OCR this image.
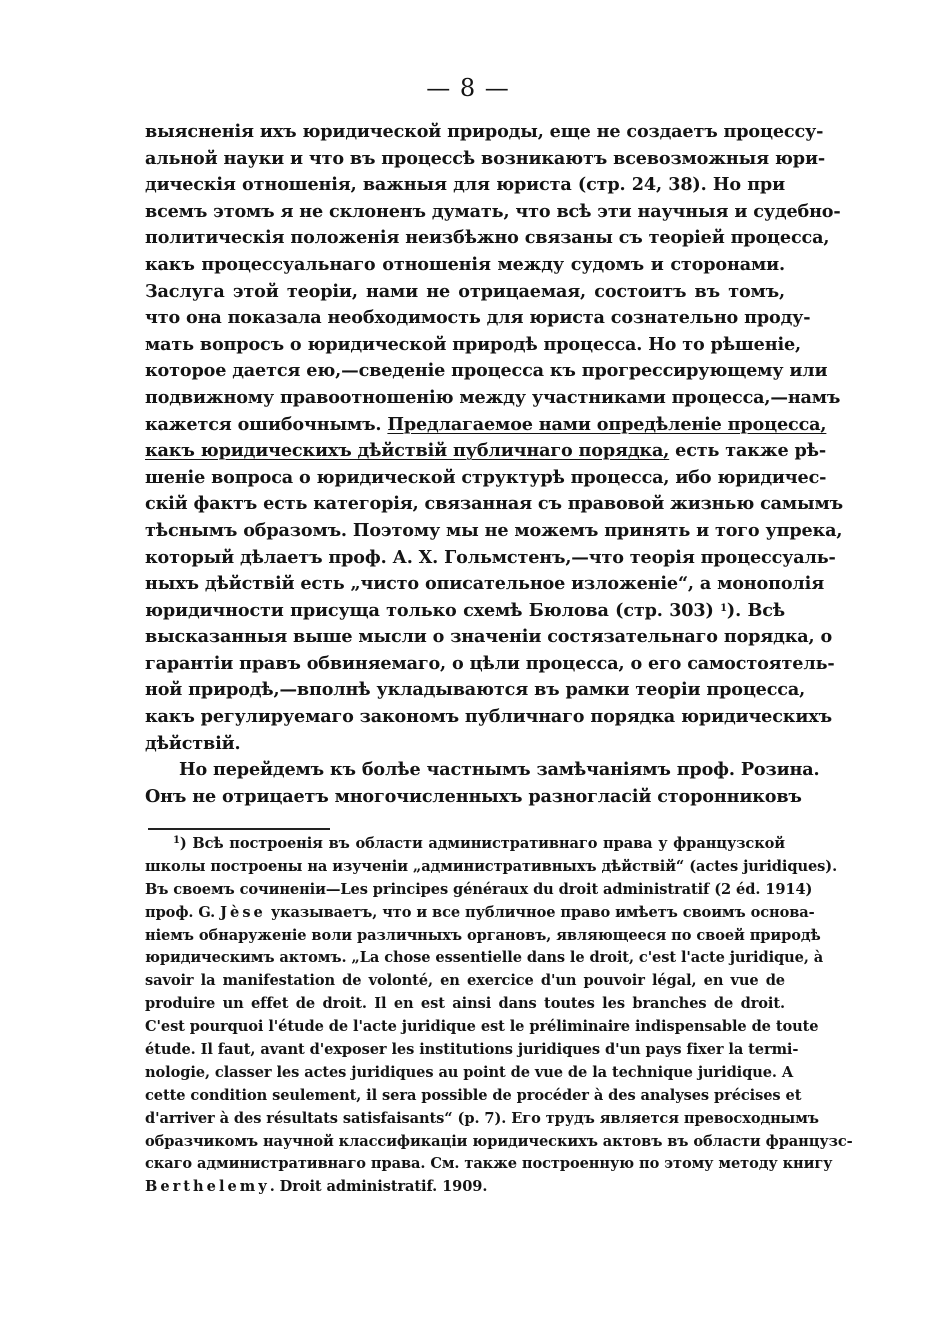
— 8 —
выясненія ихъ юридической природы, еще не создаетъ процессу-
альной науки и что въ процессѣ возникаютъ всевозможныя юри-
дическія отношенія, важныя для юриста (стр. 24, 38). Но при
всемъ этомъ я не склоненъ думать, что всѣ эти научныя и судебно-
политическія положенія неизбѣжно связаны съ теоріей процесса,
какъ процессуальнаго отношенія между судомъ и сторонами.
Заслуга этой теоріи, нами не отрицаемая, состоитъ въ томъ,
что она показала необходимость для юриста сознательно проду-
мать вопросъ о юридической природѣ процесса. Но то рѣшеніе,
которое дается ею,—сведеніе процесса къ прогрессирующему или
подвижному правоотношенію между участниками процесса,—намъ
кажется ошибочнымъ. Предлагаемое нами опредѣленіе процесса,
какъ юридическихъ дѣйствій публичнаго порядка, есть также рѣ-
шеніе вопроса о юридической структурѣ процесса, ибо юридичес-
скій фактъ есть категорія, связанная съ правовой жизнью самымъ
тѣснымъ образомъ. Поэтому мы не можемъ принять и того упрека,
который дѣлаетъ проф. А. Х. Гольмстенъ,—что теорія процессуаль-
ныхъ дѣйствій есть „чисто описательное изложеніе“, а монополія
юридичности присуща только схемѣ Бюлова (стр. 303) $^1$). Всѣ
высказанныя выше мысли о значеніи состязательнаго порядка, о
гарантіи правъ обвиняемаго, о цѣли процесса, о его самостоятель-
ной природѣ,—вполнѣ укладываются въ рамки теоріи процесса,
какъ регулируемаго закономъ публичнаго порядка юридическихъ
дѣйствій.
Но перейдемъ къ болѣе частнымъ замѣчаніямъ проф. Розина.
Онъ не отрицаетъ многочисленныхъ разногласій сторонниковъ
$^1$) Всѣ построенія въ области административнаго права у французской
школы построены на изученіи „административныхъ дѣйствій“ (actes juridiques).
Въ своемъ сочиненіи—Les principes généraux du droit administratif (2 éd. 1914)
проф. G. Jèse указываетъ, что и все публичное право имѣетъ своимъ основа-
ніемъ обнаруженіе воли различныхъ органовъ, являющееся по своей природѣ
юридическимъ актомъ. „La chose essentielle dans le droit, c'est l'acte juridique, à
savoir la manifestation de volonté, en exercice d'un pouvoir légal, en vue de
produire un effet de droit. Il en est ainsi dans toutes les branches de droit.
C'est pourquoi l'étude de l'acte juridique est le préliminaire indispensable de toute
étude. Il faut, avant d'exposer les institutions juridiques d'un pays fixer la termi-
nologie, classer les actes juridiques au point de vue de la technique juridique. A
cette condition seulement, il sera possible de procéder à des analyses précises et
d'arriver à des résultats satisfaisants“ (p. 7). Его трудъ является превосходнымъ
образчикомъ научной классификаціи юридическихъ актовъ въ области французс-
скаго административнаго права. См. также построенную по этому методу книгу
Berthelemy. Droit administratif. 1909.
